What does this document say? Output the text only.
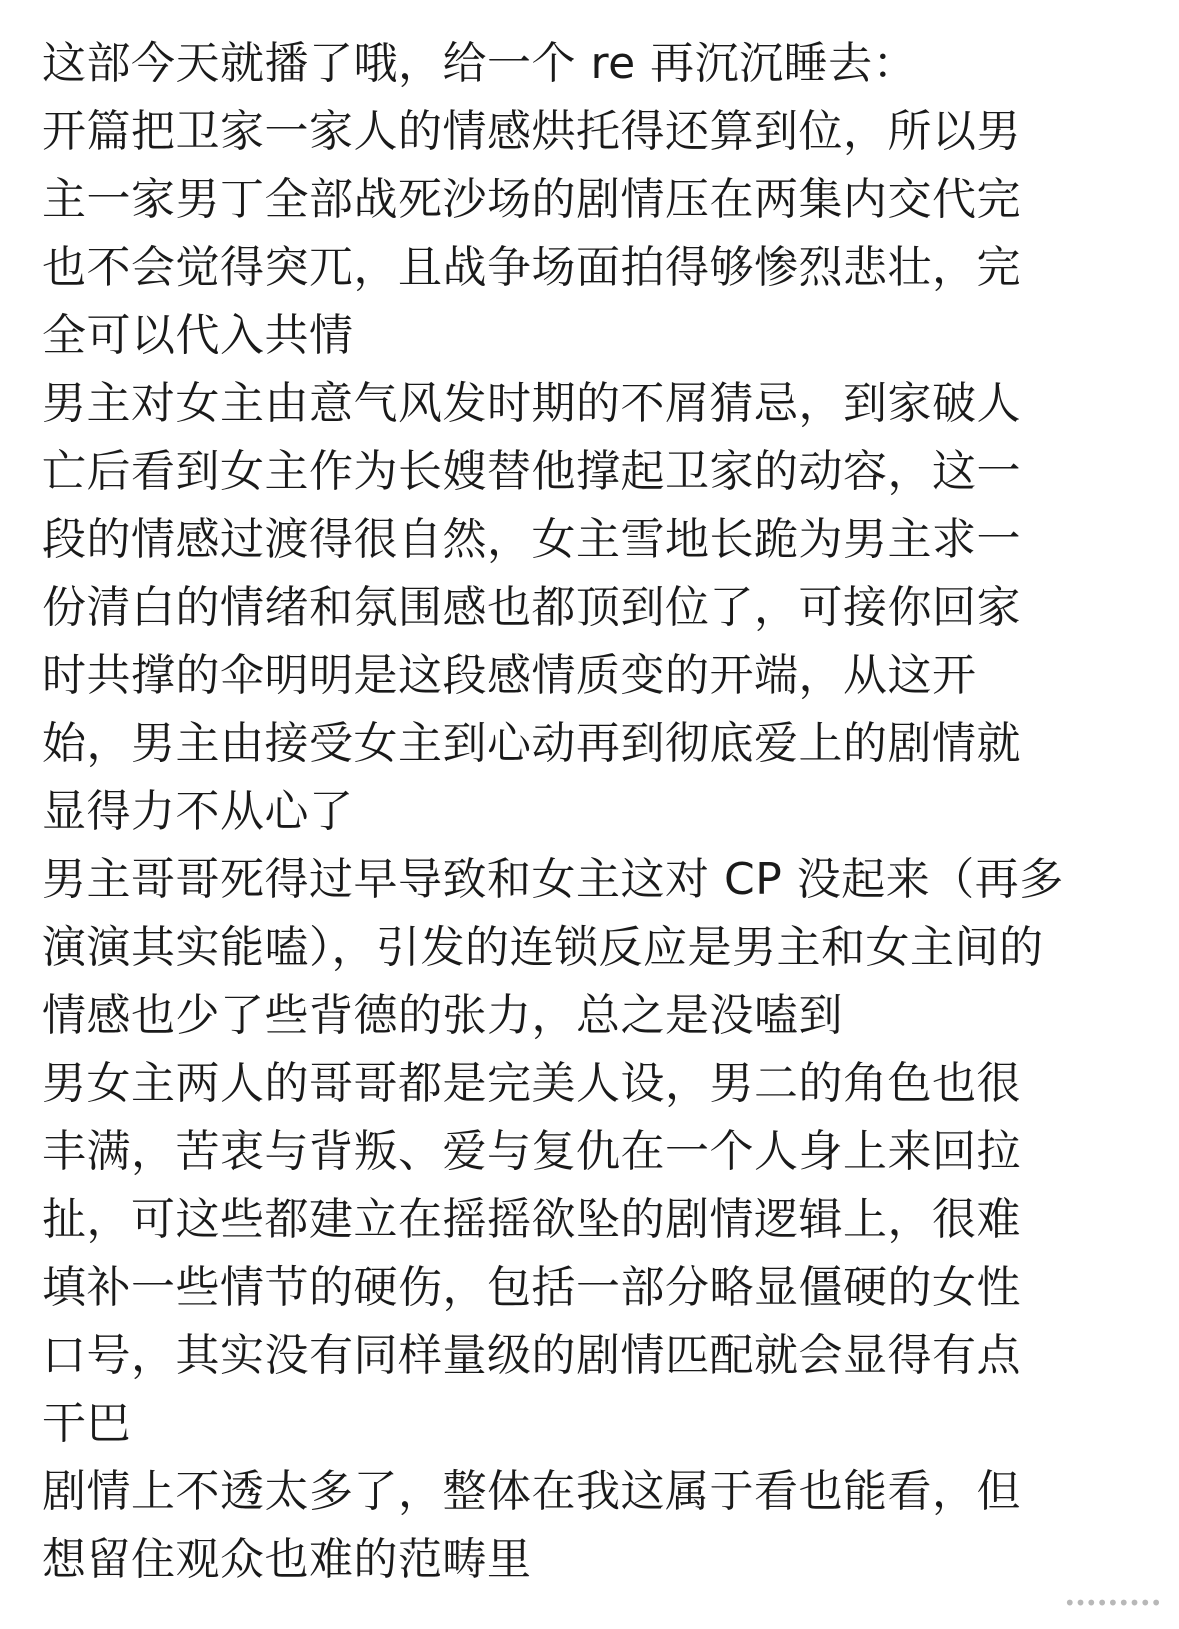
这部今天就播了哦，给一个 re 再沉沉睡去：
开篇把卫家一家人的情感烘托得还算到位，所以男
主一家男丁全部战死沙场的剧情压在两集内交代完
也不会觉得突兀，且战争场面拍得够惨烈悲壮，完
全可以代入共情
男主对女主由意气风发时期的不屑猜忌，到家破人
亡后看到女主作为长嫂替他撑起卫家的动容，这一
段的情感过渡得很自然，女主雪地长跪为男主求一
份清白的情绪和氛围感也都顶到位了，可接你回家
时共撑的伞明明是这段感情质变的开端，从这开
始，男主由接受女主到心动再到彻底爱上的剧情就
显得力不从心了
男主哥哥死得过早导致和女主这对 CP 没起来（再多
演演其实能嗑），引发的连锁反应是男主和女主间的
情感也少了些背德的张力，总之是没嗑到
男女主两人的哥哥都是完美人设，男二的角色也很
丰满，苦衷与背叛、爱与复仇在一个人身上来回拉
扯，可这些都建立在摇摇欲坠的剧情逻辑上，很难
填补一些情节的硬伤，包括一部分略显僵硬的女性
口号，其实没有同样量级的剧情匹配就会显得有点
干巴
剧情上不透太多了，整体在我这属于看也能看，但
想留住观众也难的范畴里
•••••••••
